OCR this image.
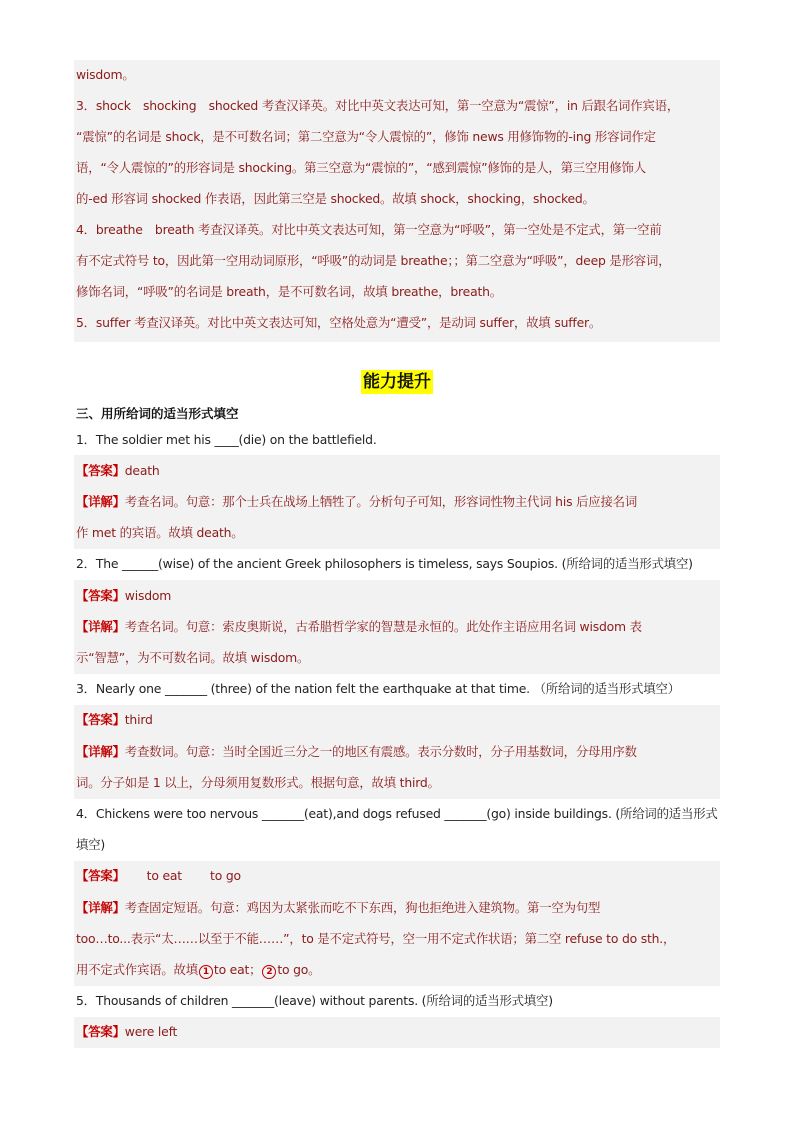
wisdom。
3．shock　shocking　shocked 考查汉译英。对比中英文表达可知，第一空意为“震惊”，in 后跟名词作宾语，
“震惊”的名词是 shock，是不可数名词；第二空意为“令人震惊的”，修饰 news 用修饰物的-ing 形容词作定
语，“令人震惊的”的形容词是 shocking。第三空意为“震惊的”，“感到震惊”修饰的是人，第三空用修饰人
的-ed 形容词 shocked 作表语，因此第三空是 shocked。故填 shock，shocking，shocked。
4．breathe　breath 考查汉译英。对比中英文表达可知，第一空意为“呼吸”，第一空处是不定式，第一空前
有不定式符号 to，因此第一空用动词原形，“呼吸”的动词是 breathe；；第二空意为“呼吸”，deep 是形容词，
修饰名词，“呼吸”的名词是 breath，是不可数名词，故填 breathe，breath。
5．suffer 考查汉译英。对比中英文表达可知，空格处意为“遭受”，是动词 suffer，故填 suffer。
能力提升
三、用所给词的适当形式填空
1．The soldier met his ____(die) on the battlefield.
【答案】death
【详解】考查名词。句意：那个士兵在战场上牺牲了。分析句子可知，形容词性物主代词 his 后应接名词
作 met 的宾语。故填 death。
2．The ______(wise) of the ancient Greek philosophers is timeless, says Soupios. (所给词的适当形式填空)
【答案】wisdom
【详解】考查名词。句意：索皮奥斯说，古希腊哲学家的智慧是永恒的。此处作主语应用名词 wisdom 表
示“智慧”，为不可数名词。故填 wisdom。
3．Nearly one _______ (three) of the nation felt the earthquake at that time. （所给词的适当形式填空）
【答案】third
【详解】考查数词。句意：当时全国近三分之一的地区有震感。表示分数时，分子用基数词，分母用序数
词。分子如是 1 以上，分母须用复数形式。根据句意，故填 third。
4．Chickens were too nervous _______(eat),and dogs refused _______(go) inside buildings. (所给词的适当形式
填空)
【答案】　　 to eat　　 to go
【详解】考查固定短语。句意：鸡因为太紧张而吃不下东西，狗也拒绝进入建筑物。第一空为句型
too…to...表示“太……以至于不能……”，to 是不定式符号，空一用不定式作状语；第二空 refuse to do sth.，
用不定式作宾语。故填 1 to eat； 2 to go。
5．Thousands of children _______(leave) without parents. (所给词的适当形式填空)
【答案】were left
